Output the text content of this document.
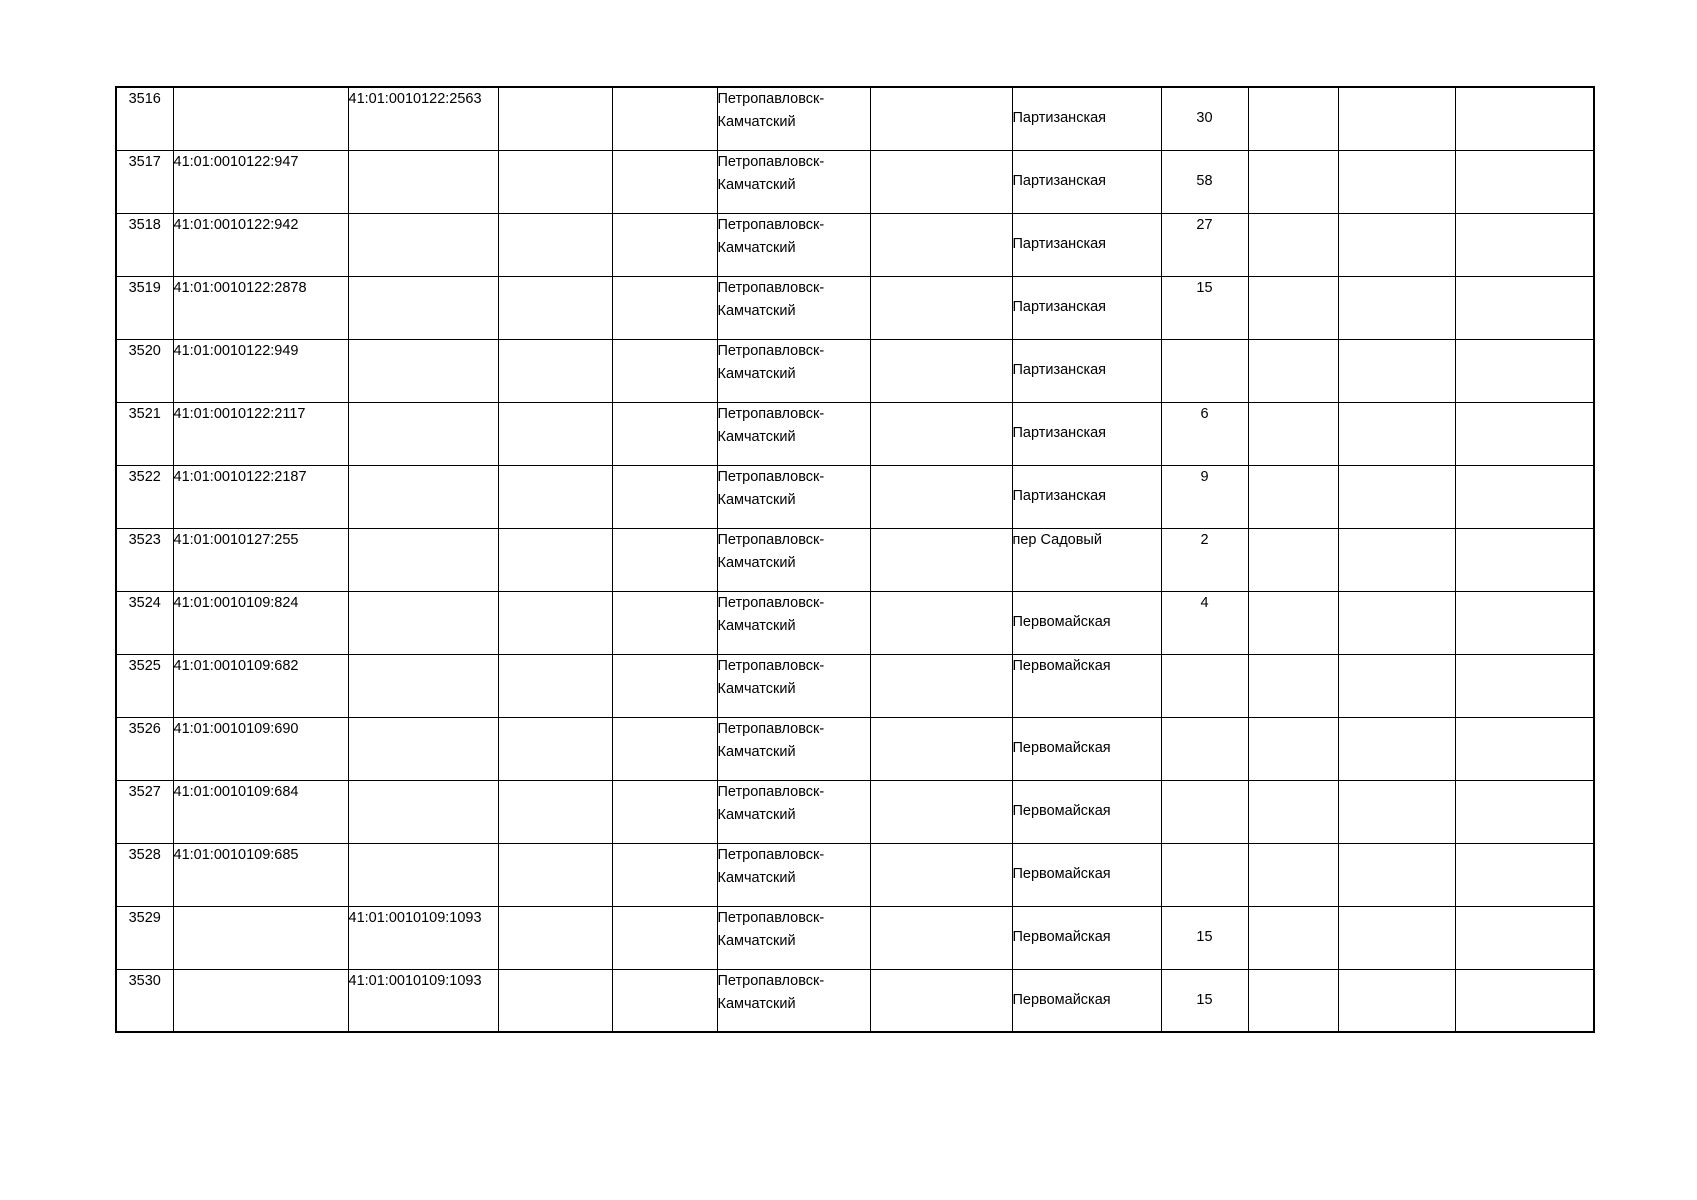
3516		41:01:0010122:2563			Петропавловск-Камчатский		Партизанская	30			
3517	41:01:0010122:947				Петропавловск-Камчатский		Партизанская	58			
3518	41:01:0010122:942				Петропавловск-Камчатский		Партизанская	27			
3519	41:01:0010122:2878				Петропавловск-Камчатский		Партизанская	15			
3520	41:01:0010122:949				Петропавловск-Камчатский		Партизанская				
3521	41:01:0010122:2117				Петропавловск-Камчатский		Партизанская	6			
3522	41:01:0010122:2187				Петропавловск-Камчатский		Партизанская	9			
3523	41:01:0010127:255				Петропавловск-Камчатский		пер Садовый	2			
3524	41:01:0010109:824				Петропавловск-Камчатский		Первомайская	4			
3525	41:01:0010109:682				Петропавловск-Камчатский		Первомайская				
3526	41:01:0010109:690				Петропавловск-Камчатский		Первомайская				
3527	41:01:0010109:684				Петропавловск-Камчатский		Первомайская				
3528	41:01:0010109:685				Петропавловск-Камчатский		Первомайская				
3529		41:01:0010109:1093			Петропавловск-Камчатский		Первомайская	15			
3530		41:01:0010109:1093			Петропавловск-Камчатский		Первомайская	15			
